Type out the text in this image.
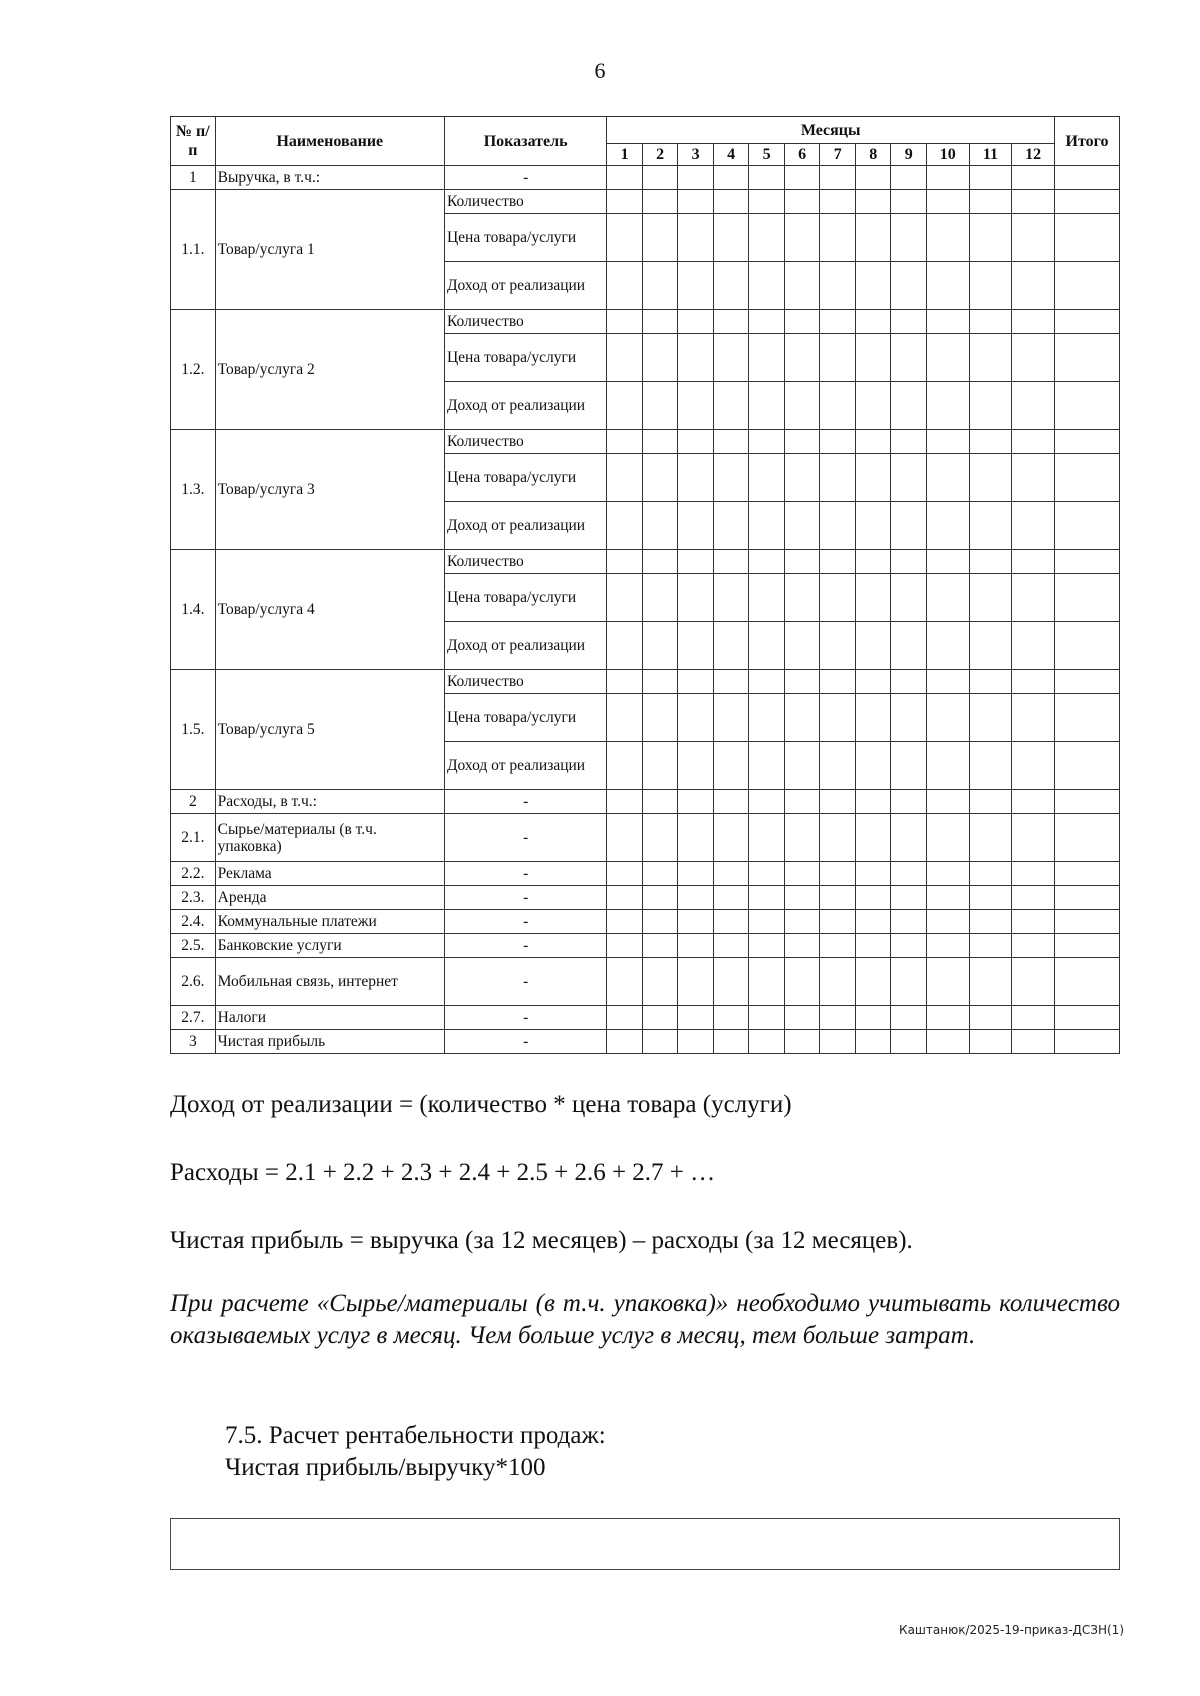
6
№ п/п	Наименование	Показатель	Месяцы												Итого
			1	2	3	4	5	6	7	8	9	10	11	12	
1	Выручка, в т.ч.:	-													
1.1.	Товар/услуга 1	Количество													
		Цена товара/услуги													
		Доход от реализации													
1.2.	Товар/услуга 2	Количество													
		Цена товара/услуги													
		Доход от реализации													
1.3.	Товар/услуга 3	Количество													
		Цена товара/услуги													
		Доход от реализации													
1.4.	Товар/услуга 4	Количество													
		Цена товара/услуги													
		Доход от реализации													
1.5.	Товар/услуга 5	Количество													
		Цена товара/услуги													
		Доход от реализации													
2	Расходы, в т.ч.:	-													
2.1.	Сырье/материалы (в т.ч. упаковка)	-													
2.2.	Реклама	-													
2.3.	Аренда	-													
2.4.	Коммунальные платежи	-													
2.5.	Банковские услуги	-													
2.6.	Мобильная связь, интернет	-													
2.7.	Налоги	-													
3	Чистая прибыль	-													

Доход от реализации = (количество * цена товара (услуги)

Расходы = 2.1 + 2.2 + 2.3 + 2.4 + 2.5 + 2.6 + 2.7 + …

Чистая прибыль = выручка (за 12 месяцев) – расходы (за 12 месяцев).

При расчете «Сырье/материалы (в т.ч. упаковка)» необходимо учитывать количество оказываемых услуг в месяц. Чем больше услуг в месяц, тем больше затрат.

7.5. Расчет рентабельности продаж:

Чистая прибыль/выручку*100

Каштанюк/2025-19-приказ-ДСЗН(1)
